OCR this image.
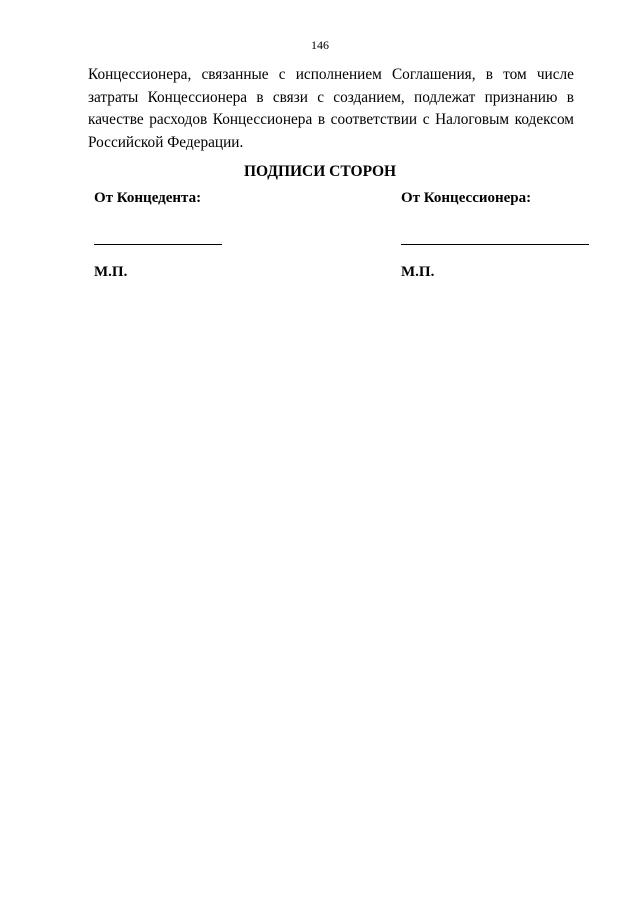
146
Концессионера, связанные с исполнением Соглашения, в том числе
затраты Концессионера в связи с созданием, подлежат признанию в
качестве расходов Концессионера в соответствии с Налоговым кодексом
Российской Федерации.
ПОДПИСИ СТОРОН
От Концедента:	От Концессионера:
М.П.	М.П.
